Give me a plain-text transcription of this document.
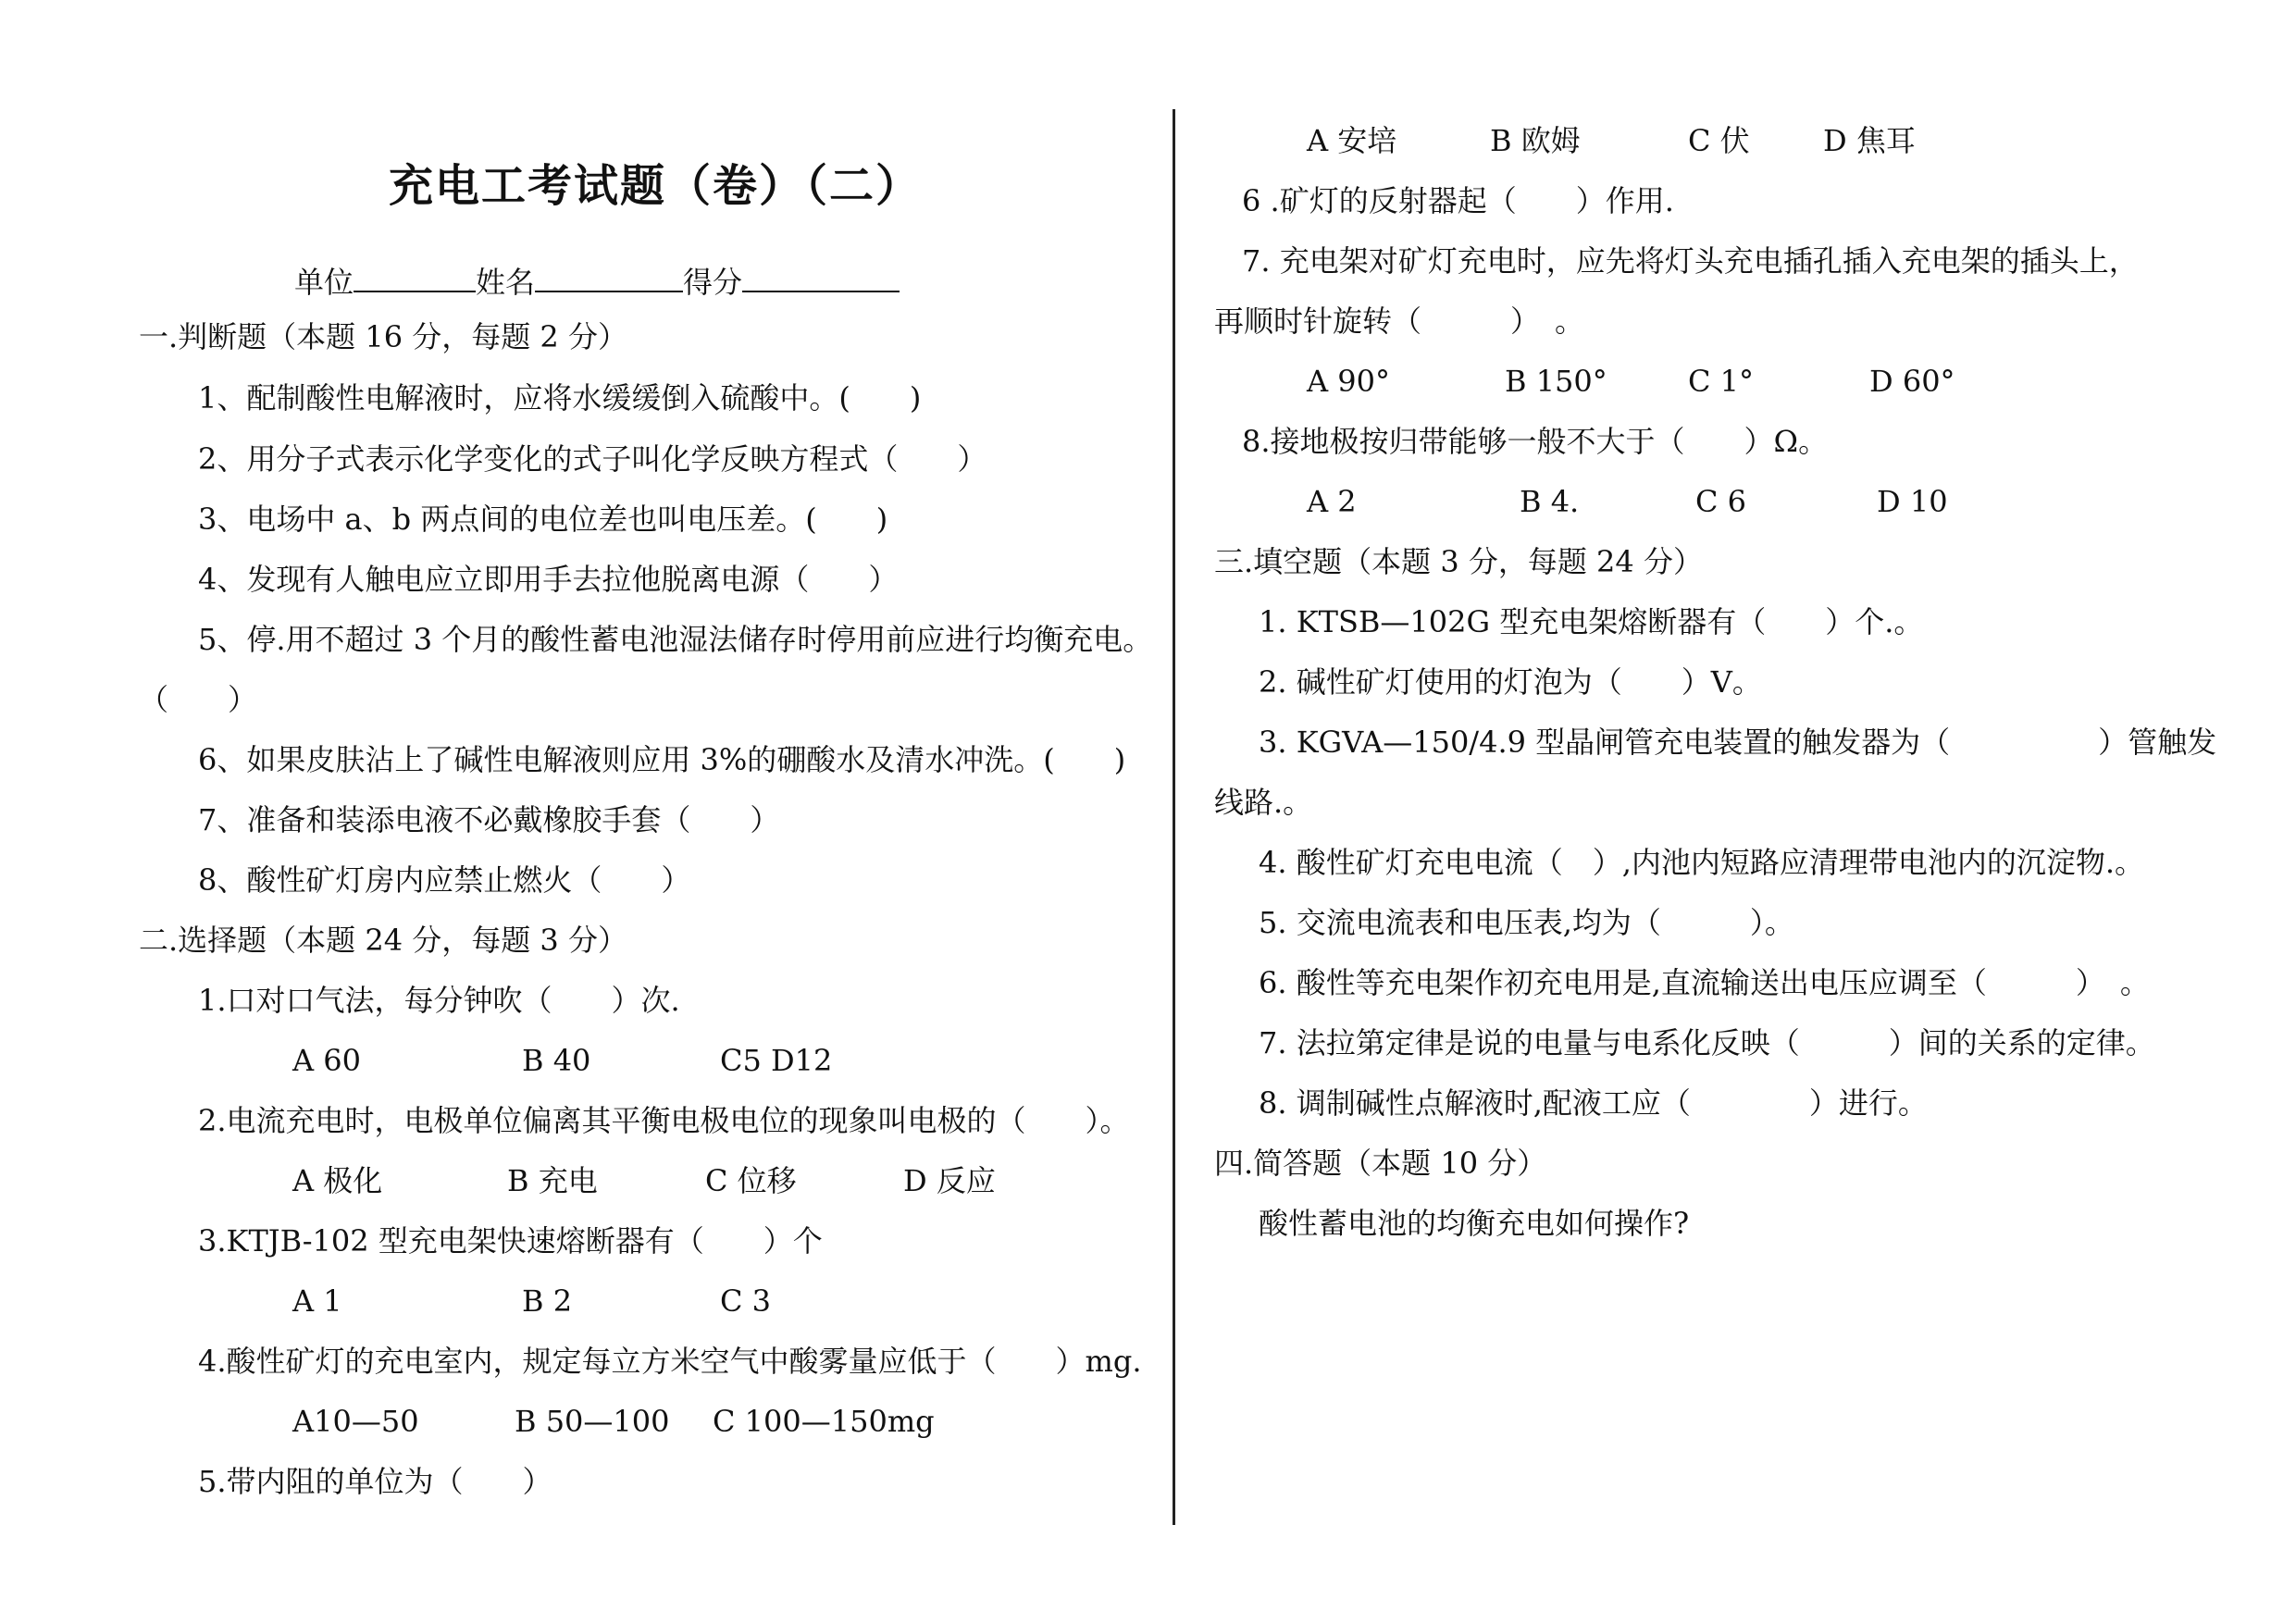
充电工考试题（卷）（二）
单位	姓名	得分
一.判断题（本题 16 分，每题 2 分）
1、配制酸性电解液时，应将水缓缓倒入硫酸中。(　　)
2、用分子式表示化学变化的式子叫化学反映方程式（　　）
3、电场中 a、b 两点间的电位差也叫电压差。(　　)
4、发现有人触电应立即用手去拉他脱离电源（　　）
5、停.用不超过 3 个月的酸性蓄电池湿法储存时停用前应进行均衡充电。
（　　）
6、如果皮肤沾上了碱性电解液则应用 3%的硼酸水及清水冲洗。(　　)
7、准备和装添电液不必戴橡胶手套（　　）
8、酸性矿灯房内应禁止燃火（　　）
二.选择题（本题 24 分，每题 3 分）
1.口对口气法，每分钟吹（　　）次.
A 60	B 40	C5 D12
2.电流充电时，电极单位偏离其平衡电极电位的现象叫电极的（　　）。
A 极化	B 充电	C 位移	D 反应
3.KTJB-102 型充电架快速熔断器有（　　）个
A 1	B 2	C 3
4.酸性矿灯的充电室内，规定每立方米空气中酸雾量应低于（　　）mg.
A10—50	B 50—100 C 100—150mg
5.带内阻的单位为（　　）
A 安培	B 欧姆	C 伏 D 焦耳
6 .矿灯的反射器起（　　）作用.
7. 充电架对矿灯充电时，应先将灯头充电插孔插入充电架的插头上，
再顺时针旋转（　　　）　。
A 90°	B 150°	C 1°	D 60°
8.接地极按归带能够一般不大于（　　）Ω。
A 2	B 4.	C 6	D 10
三.填空题（本题 3 分，每题 24 分）
1. KTSB—102G 型充电架熔断器有（　　）个.。
2. 碱性矿灯使用的灯泡为（　　）V。
3. KGVA—150/4.9 型晶闸管充电装置的触发器为（　　　　　）管触发
线路.。
4. 酸性矿灯充电电流（　）,内池内短路应清理带电池内的沉淀物.。
5. 交流电流表和电压表,均为（　　　）。
6. 酸性等充电架作初充电用是,直流输送出电压应调至（　　　）　。
7. 法拉第定律是说的电量与电系化反映（　　　）间的关系的定律。
8. 调制碱性点解液时,配液工应（　　　　）进行。
四.简答题（本题 10 分）
酸性蓄电池的均衡充电如何操作?
